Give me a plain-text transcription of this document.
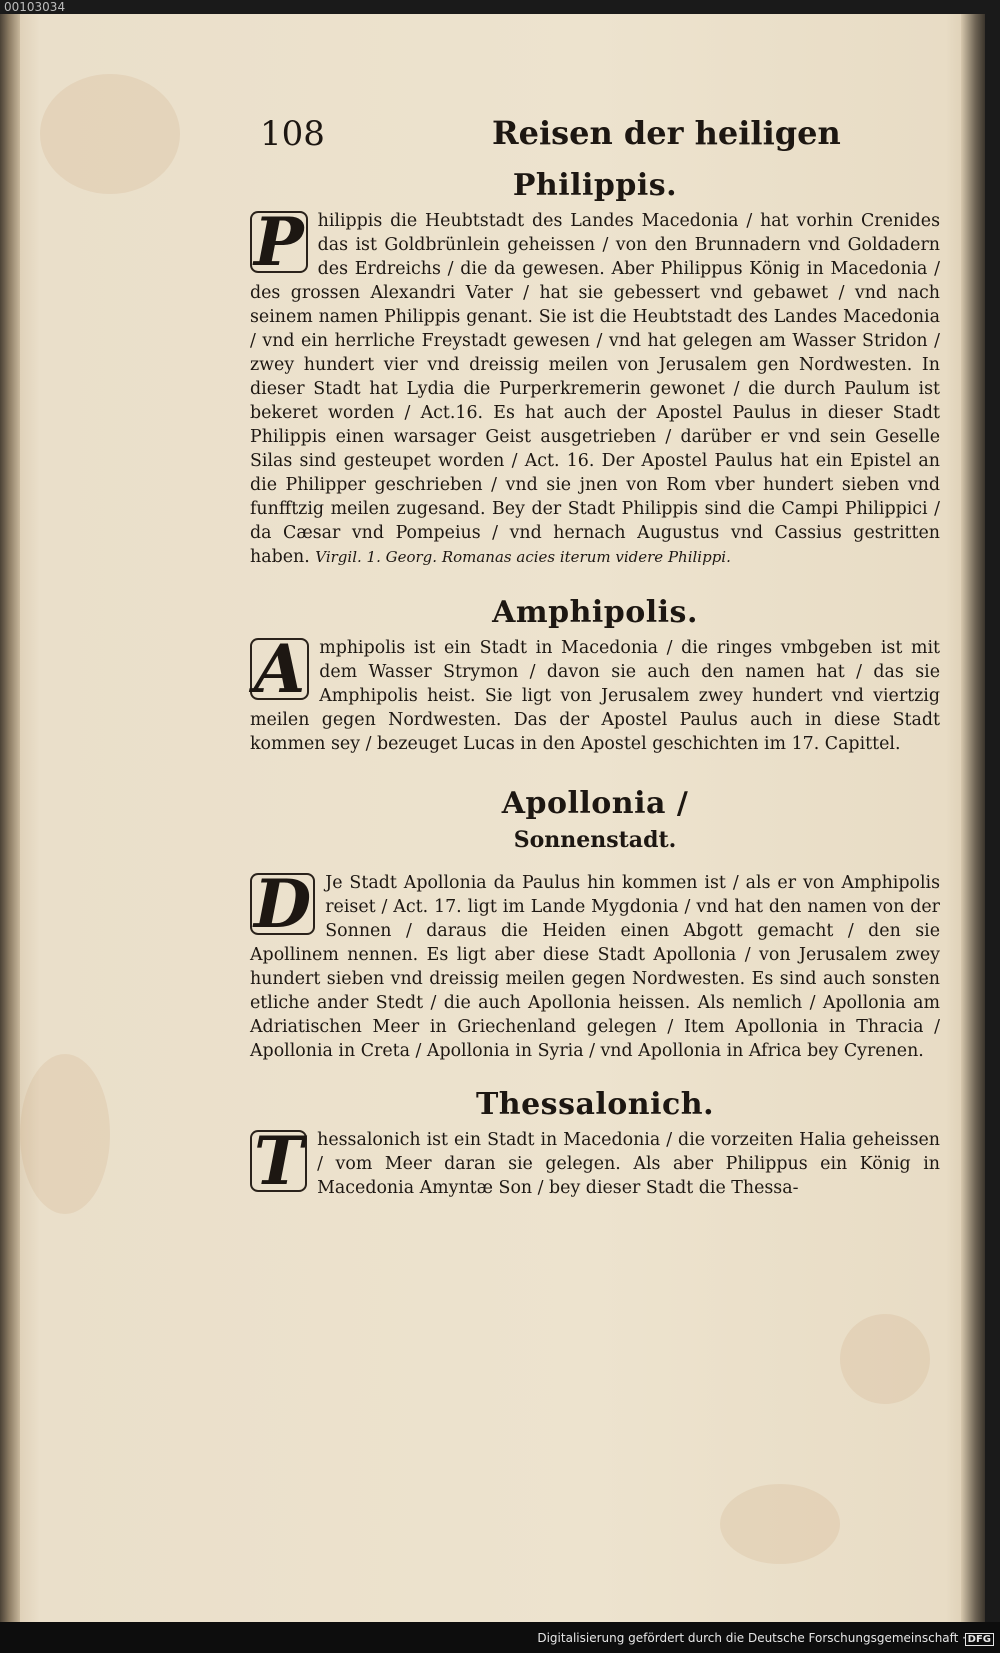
00103034
108	Reisen der heiligen
Philippis.

P hilippis die Heubtstadt des Landes Macedonia / hat vorhin Crenides das ist Goldbrünlein geheissen / von den Brunnadern vnd Goldadern des Erdreichs / die da gewesen. Aber Philippus König in Macedonia / des grossen Alexandri Vater / hat sie gebessert vnd gebawet / vnd nach seinem namen Philippis genant. Sie ist die Heubtstadt des Landes Macedonia / vnd ein herrliche Freystadt gewesen / vnd hat gelegen am Wasser Stridon / zwey hundert vier vnd dreissig meilen von Jerusalem gen Nordwesten. In dieser Stadt hat Lydia die Purperkremerin gewonet / die durch Paulum ist bekeret worden / Act.16. Es hat auch der Apostel Paulus in dieser Stadt Philippis einen warsager Geist ausgetrieben / darüber er vnd sein Geselle Silas sind gesteupet worden / Act. 16. Der Apostel Paulus hat ein Epistel an die Philipper geschrieben / vnd sie jnen von Rom vber hundert sieben vnd funfftzig meilen zugesand. Bey der Stadt Philippis sind die Campi Philippici / da Cæsar vnd Pompeius / vnd hernach Augustus vnd Cassius gestritten haben. Virgil. 1. Georg. Romanas acies iterum videre Philippi.

Amphipolis.

A mphipolis ist ein Stadt in Macedonia / die ringes vmbgeben ist mit dem Wasser Strymon / davon sie auch den namen hat / das sie Amphipolis heist. Sie ligt von Jerusalem zwey hundert vnd viertzig meilen gegen Nordwesten. Das der Apostel Paulus auch in diese Stadt kommen sey / bezeuget Lucas in den Apostel geschichten im 17. Capittel.

Apollonia /
Sonnenstadt.

D Je Stadt Apollonia da Paulus hin kommen ist / als er von Amphipolis reiset / Act. 17. ligt im Lande Mygdonia / vnd hat den namen von der Sonnen / daraus die Heiden einen Abgott gemacht / den sie Apollinem nennen. Es ligt aber diese Stadt Apollonia / von Jerusalem zwey hundert sieben vnd dreissig meilen gegen Nordwesten. Es sind auch sonsten etliche ander Stedt / die auch Apollonia heissen. Als nemlich / Apollonia am Adriatischen Meer in Griechenland gelegen / Item Apollonia in Thracia / Apollonia in Creta / Apollonia in Syria / vnd Apollonia in Africa bey Cyrenen.

Thessalonich.

T hessalonich ist ein Stadt in Macedonia / die vorzeiten Halia geheissen / vom Meer daran sie gelegen. Als aber Philippus ein König in Macedonia Amyntæ Son / bey dieser Stadt die Thessa-

Digitalisierung gefördert durch die Deutsche Forschungsgemeinschaft · DFG
